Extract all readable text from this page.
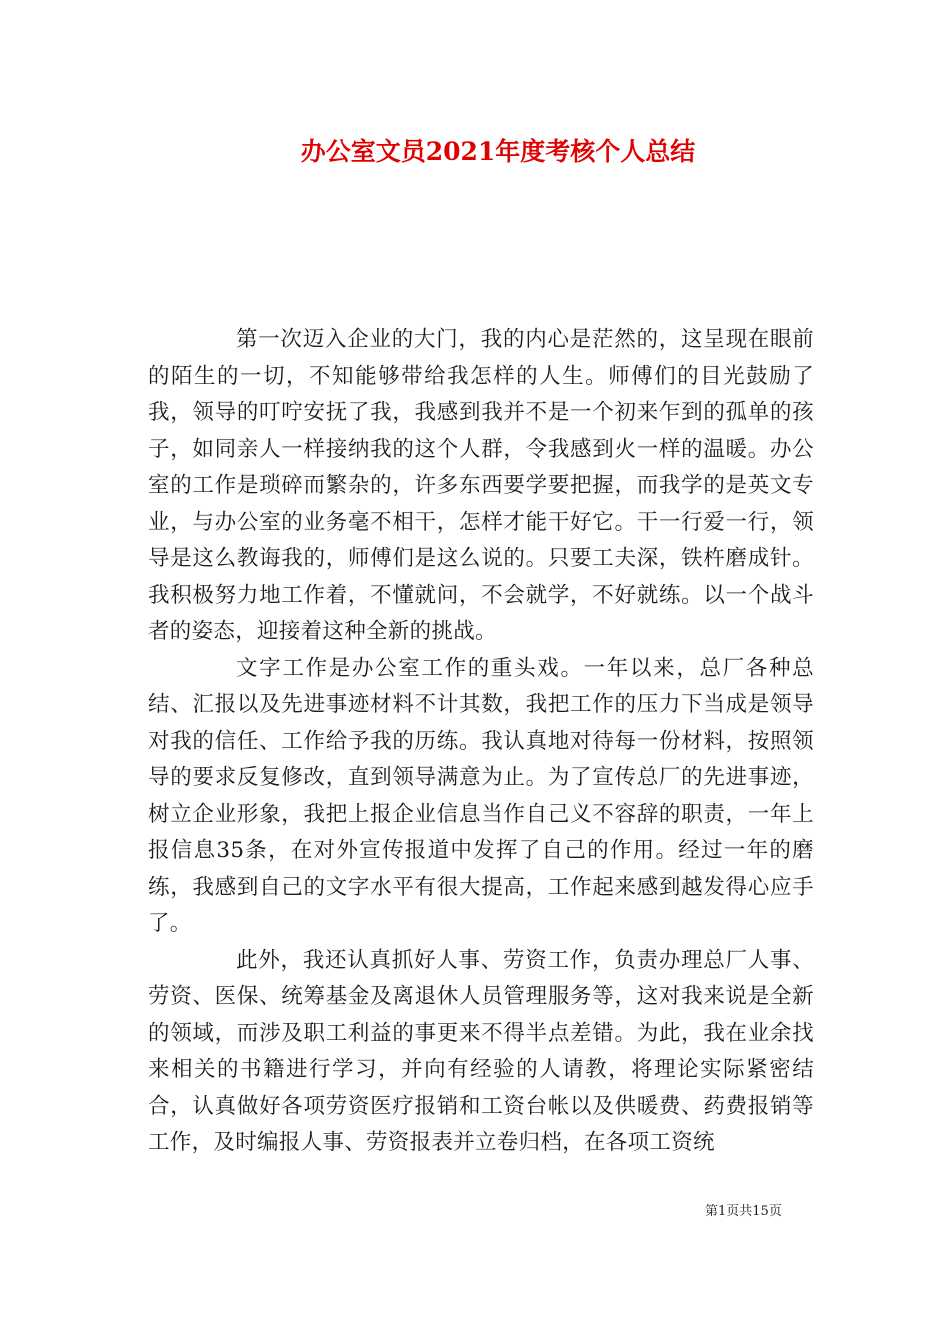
办公室文员2021年度考核个人总结

第一次迈入企业的大门，我的内心是茫然的，这呈现在眼前的陌生的一切，不知能够带给我怎样的人生。师傅们的目光鼓励了我，领导的叮咛安抚了我，我感到我并不是一个初来乍到的孤单的孩子，如同亲人一样接纳我的这个人群，令我感到火一样的温暖。办公室的工作是琐碎而繁杂的，许多东西要学要把握，而我学的是英文专业，与办公室的业务毫不相干，怎样才能干好它。干一行爱一行，领导是这么教诲我的，师傅们是这么说的。只要工夫深，铁杵磨成针。我积极努力地工作着，不懂就问，不会就学，不好就练。以一个战斗者的姿态，迎接着这种全新的挑战。

文字工作是办公室工作的重头戏。一年以来，总厂各种总结、汇报以及先进事迹材料不计其数，我把工作的压力下当成是领导对我的信任、工作给予我的历练。我认真地对待每一份材料，按照领导的要求反复修改，直到领导满意为止。为了宣传总厂的先进事迹，树立企业形象，我把上报企业信息当作自己义不容辞的职责，一年上报信息35条，在对外宣传报道中发挥了自己的作用。经过一年的磨练，我感到自己的文字水平有很大提高，工作起来感到越发得心应手了。

此外，我还认真抓好人事、劳资工作，负责办理总厂人事、劳资、医保、统筹基金及离退休人员管理服务等，这对我来说是全新的领域，而涉及职工利益的事更来不得半点差错。为此，我在业余找来相关的书籍进行学习，并向有经验的人请教，将理论实际紧密结合，认真做好各项劳资医疗报销和工资台帐以及供暖费、药费报销等工作，及时编报人事、劳资报表并立卷归档，在各项工资统

第1页共15页
